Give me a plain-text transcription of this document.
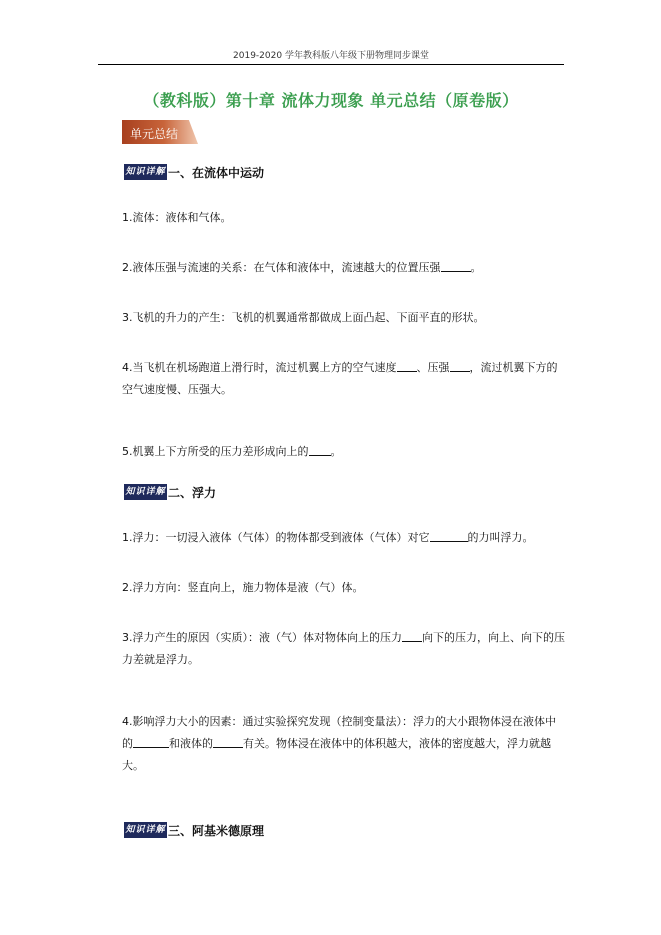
2019-2020 学年教科版八年级下册物理同步课堂
（教科版）第十章 流体力现象 单元总结（原卷版）
单元总结
知识详解 一、在流体中运动
1.流体：液体和气体。
2.液体压强与流速的关系：在气体和液体中，流速越大的位置压强	。
3.飞机的升力的产生：飞机的机翼通常都做成上面凸起、下面平直的形状。
4.当飞机在机场跑道上滑行时，流过机翼上方的空气速度 、压强 ，流过机翼下方的空气速度慢、压强大。
5.机翼上下方所受的压力差形成向上的 。
知识详解 二、浮力
1.浮力：一切浸入液体（气体）的物体都受到液体（气体）对它	的力叫浮力。
2.浮力方向：竖直向上，施力物体是液（气）体。
3.浮力产生的原因（实质）：液（气）体对物体向上的压力 向下的压力，向上、向下的压力差就是浮力。
4.影响浮力大小的因素：通过实验探究发现（控制变量法）：浮力的大小跟物体浸在液体中的	和液体的	有关。物体浸在液体中的体积越大，液体的密度越大，浮力就越大。
知识详解 三、阿基米德原理
